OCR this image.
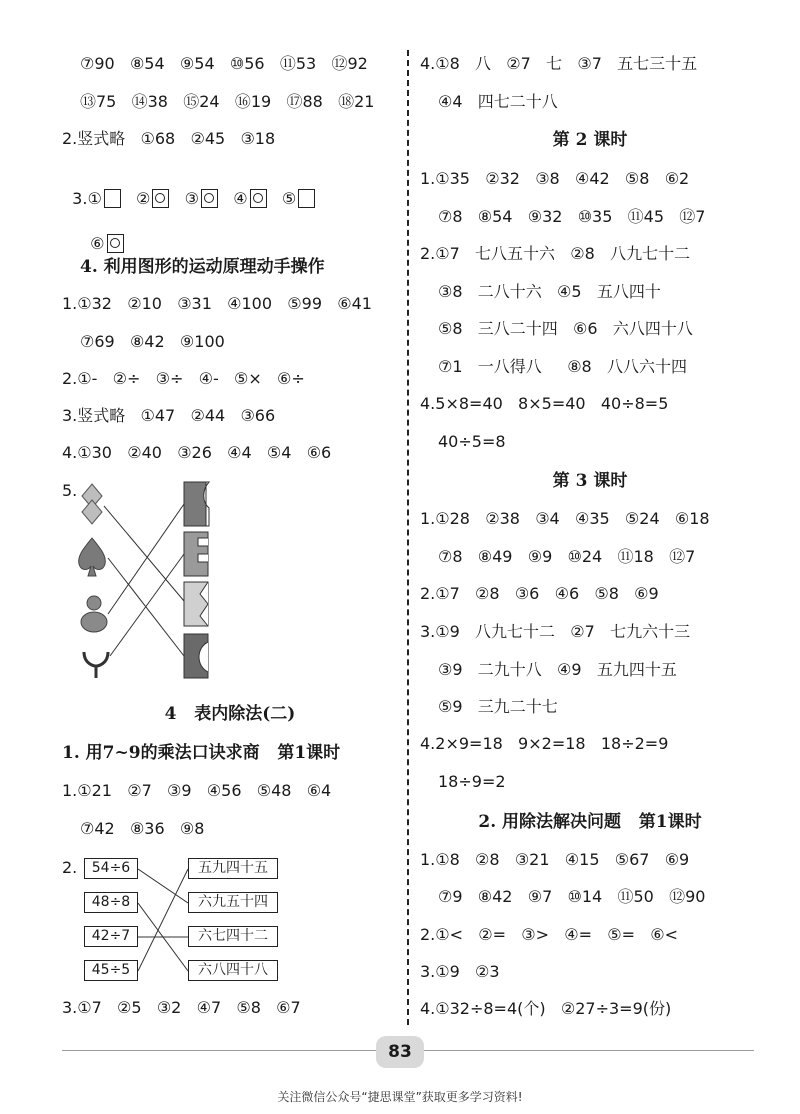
⑦90   ⑧54   ⑨54   ⑩56   ⑪53   ⑫92
⑬75   ⑭38   ⑮24   ⑯19   ⑰88   ⑱21
2.竖式略   ①68   ②45   ③18

3.① ② ③ ④ ⑤

⑥

4. 利用图形的运动原理动手操作
1.①32   ②10   ③31   ④100   ⑤99   ⑥41
⑦69   ⑧42   ⑨100
2.①-   ②÷   ③÷   ④-   ⑤×   ⑥÷
3.竖式略   ①47   ②44   ③66
4.①30   ②40   ③26   ④4   ⑤4   ⑥6
5.
4   表内除法(二)
1. 用7~9的乘法口诀求商   第1课时
1.①21   ②7   ③9   ④56   ⑤48   ⑥4
⑦42   ⑧36   ⑨8
2.	54÷6
48÷8
42÷7
45÷5
五九四十五
六九五十四
六七四十二
六八四十八
3.①7   ②5   ③2   ④7   ⑤8   ⑥7
4.①8   八   ②7   七   ③7   五七三十五
④4   四七二十八
第 2 课时
1.①35   ②32   ③8   ④42   ⑤8   ⑥2
⑦8   ⑧54   ⑨32   ⑩35   ⑪45   ⑫7
2.①7   七八五十六   ②8   八九七十二
③8   二八十六   ④5   五八四十
⑤8   三八二十四   ⑥6   六八四十八
⑦1   一八得八     ⑧8   八八六十四
4.5×8=40   8×5=40   40÷8=5
40÷5=8
第 3 课时
1.①28   ②38   ③4   ④35   ⑤24   ⑥18
⑦8   ⑧49   ⑨9   ⑩24   ⑪18   ⑫7
2.①7   ②8   ③6   ④6   ⑤8   ⑥9
3.①9   八九七十二   ②7   七九六十三
③9   二九十八   ④9   五九四十五
⑤9   三九二十七
4.2×9=18   9×2=18   18÷2=9
18÷9=2
2. 用除法解决问题   第1课时
1.①8   ②8   ③21   ④15   ⑤67   ⑥9
⑦9   ⑧42   ⑨7   ⑩14   ⑪50   ⑫90
2.①<   ②=   ③>   ④=   ⑤=   ⑥<
3.①9   ②3
4.①32÷8=4(个)   ②27÷3=9(份)
83
关注微信公众号“捷思课堂”获取更多学习资料!
